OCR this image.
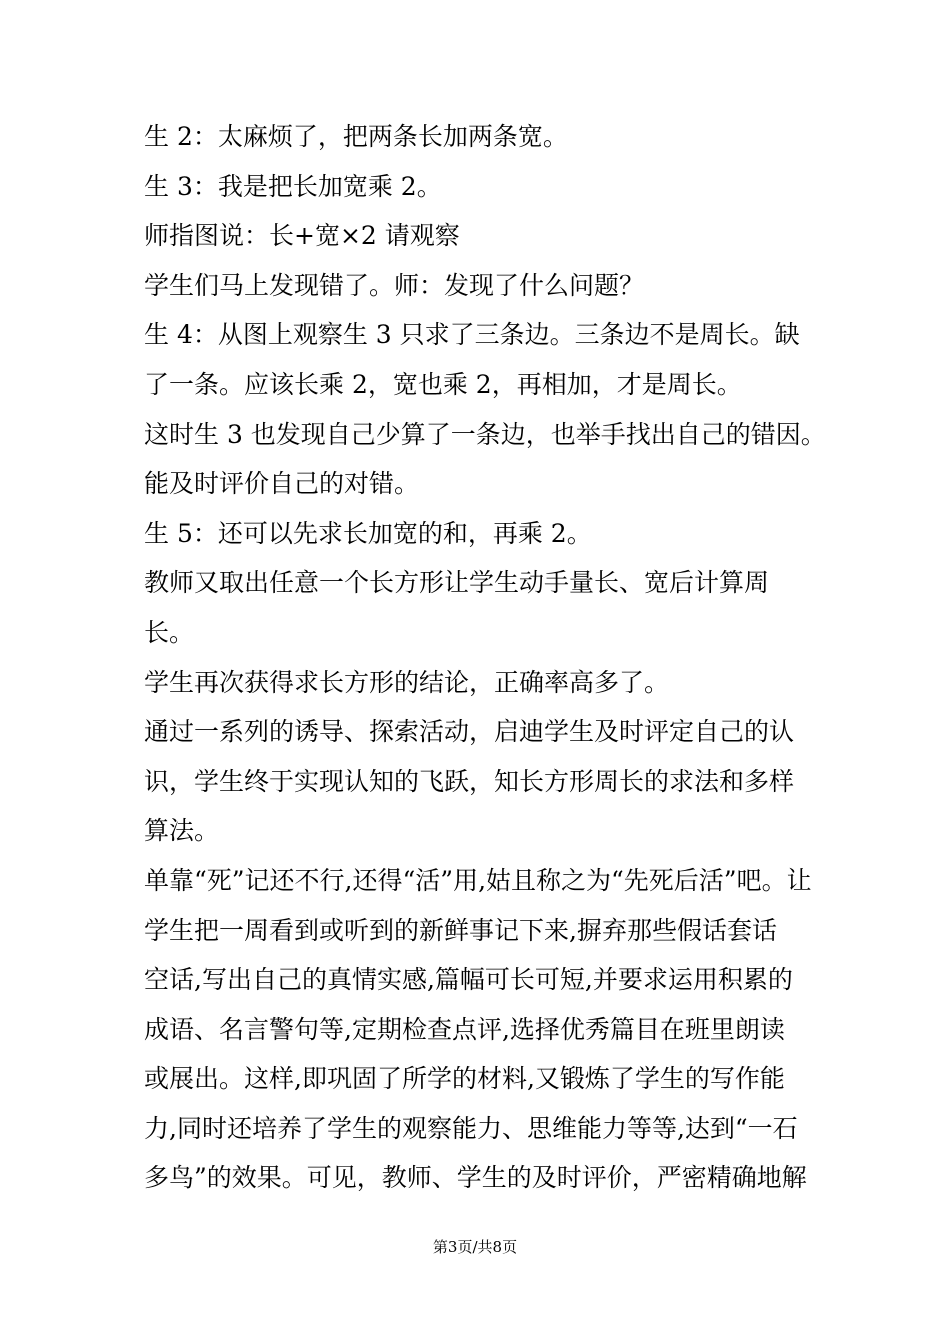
生 2：太麻烦了，把两条长加两条宽。

生 3：我是把长加宽乘 2。

师指图说：长+宽×2 请观察

学生们马上发现错了。师：发现了什么问题？

生 4：从图上观察生 3 只求了三条边。三条边不是周长。缺

了一条。应该长乘 2，宽也乘 2，再相加，才是周长。

这时生 3 也发现自己少算了一条边，也举手找出自己的错因。

能及时评价自己的对错。

生 5：还可以先求长加宽的和，再乘 2。

教师又取出任意一个长方形让学生动手量长、宽后计算周

长。

学生再次获得求长方形的结论，正确率高多了。

通过一系列的诱导、探索活动，启迪学生及时评定自己的认

识，学生终于实现认知的飞跃，知长方形周长的求法和多样

算法。

单靠“死”记还不行,还得“活”用,姑且称之为“先死后活”吧。让

学生把一周看到或听到的新鲜事记下来,摒弃那些假话套话

空话,写出自己的真情实感,篇幅可长可短,并要求运用积累的

成语、名言警句等,定期检查点评,选择优秀篇目在班里朗读

或展出。这样,即巩固了所学的材料,又锻炼了学生的写作能

力,同时还培养了学生的观察能力、思维能力等等,达到“一石

多鸟”的效果。可见，教师、学生的及时评价，严密精确地解

第3页/共8页
